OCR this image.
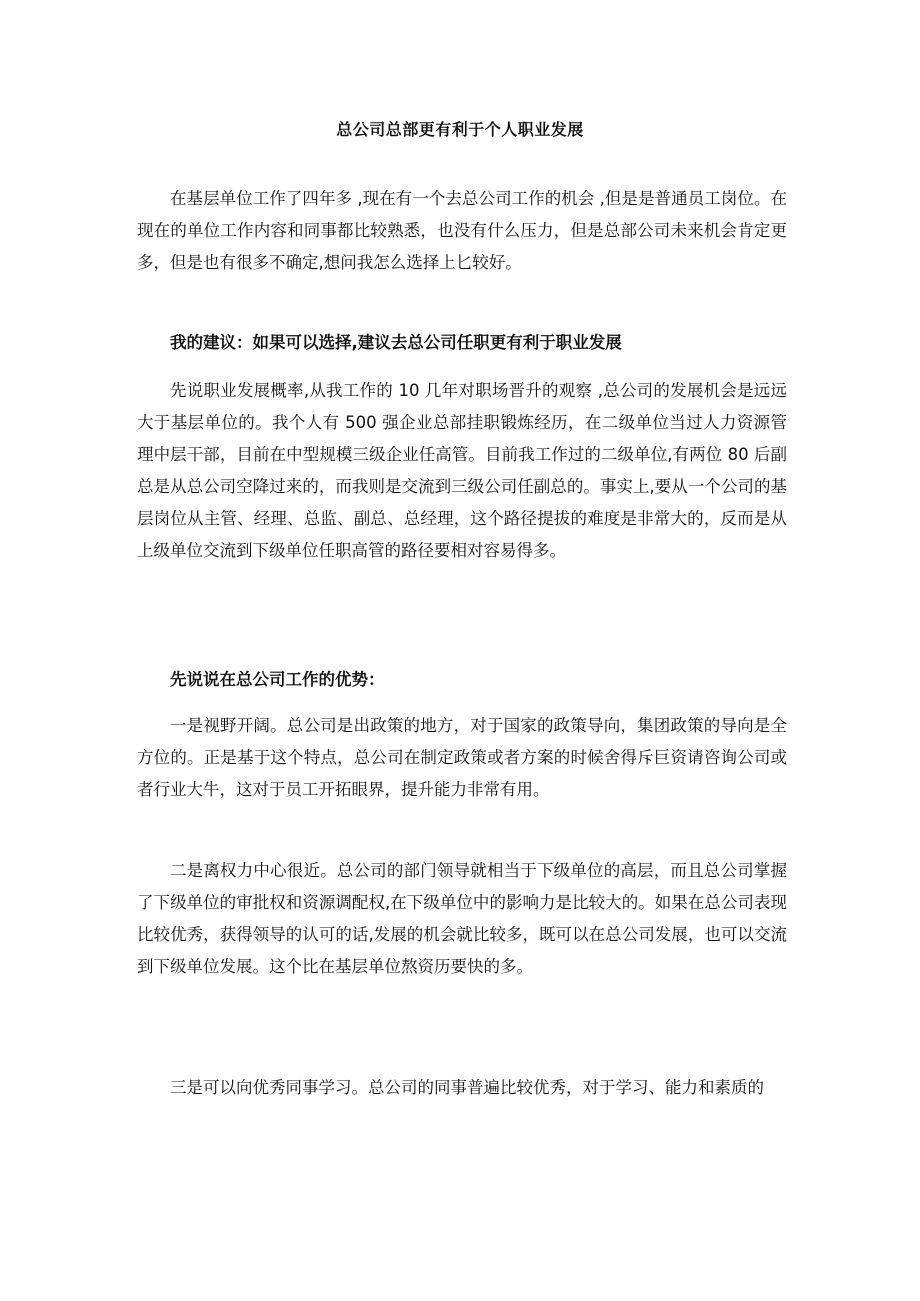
总公司总部更有利于个人职业发展

在基层单位工作了四年多 ,现在有一个去总公司工作的机会 ,但是是普通员工岗位。在现在的单位工作内容和同事都比较熟悉，也没有什么压力，但是总部公司未来机会肯定更多，但是也有很多不确定,想问我怎么选择上匕较好。

我的建议：如果可以选择,建议去总公司任职更有利于职业发展

先说职业发展概率,从我工作的 10 几年对职场晋升的观察 ,总公司的发展机会是远远大于基层单位的。我个人有 500 强企业总部挂职锻炼经历，在二级单位当过人力资源管理中层干部，目前在中型规模三级企业任高管。目前我工作过的二级单位,有两位 80 后副总是从总公司空降过来的，而我则是交流到三级公司任副总的。事实上,要从一个公司的基层岗位从主管、经理、总监、副总、总经理，这个路径提拔的难度是非常大的，反而是从上级单位交流到下级单位任职高管的路径要相对容易得多。

先说说在总公司工作的优势：

一是视野开阔。总公司是出政策的地方，对于国家的政策导向，集团政策的导向是全方位的。正是基于这个特点，总公司在制定政策或者方案的时候舍得斥巨资请咨询公司或者行业大牛，这对于员工开拓眼界，提升能力非常有用。

二是离权力中心很近。总公司的部门领导就相当于下级单位的高层，而且总公司掌握了下级单位的审批权和资源调配权,在下级单位中的影响力是比较大的。如果在总公司表现比较优秀，获得领导的认可的话,发展的机会就比较多，既可以在总公司发展，也可以交流到下级单位发展。这个比在基层单位熬资历要快的多。

三是可以向优秀同事学习。总公司的同事普遍比较优秀，对于学习、能力和素质的
